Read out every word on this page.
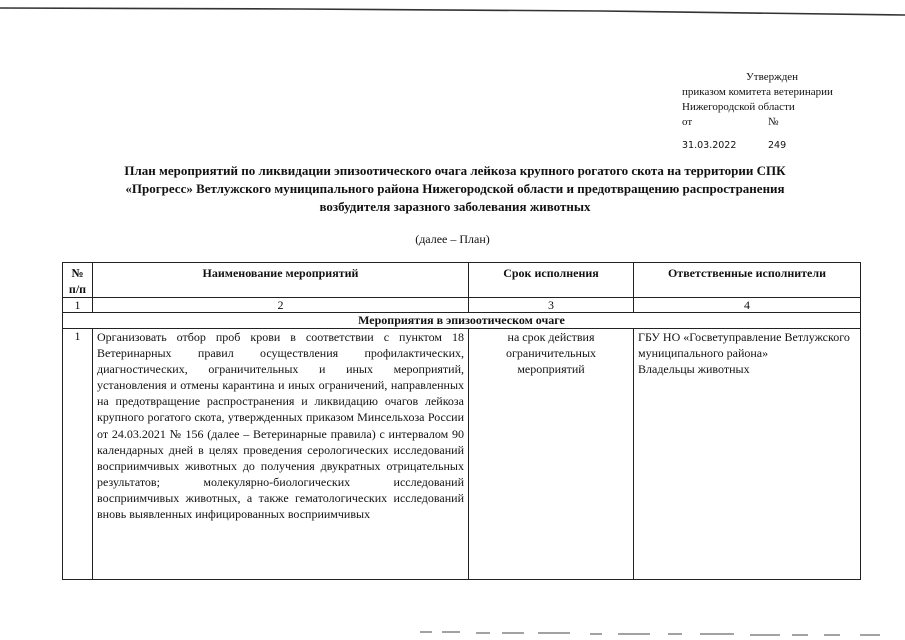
Утвержден
приказом комитета ветеринарии
Нижегородской области
от	№
31.03.2022	249
План мероприятий по ликвидации эпизоотического очага лейкоза крупного рогатого скота на территории СПК «Прогресс» Ветлужского муниципального района Нижегородской области и предотвращению распространения возбудителя заразного заболевания животных
(далее – План)
№ п/п	Наименование мероприятий	Срок исполнения	Ответственные исполнители
1	2	3	4
Мероприятия в эпизоотическом очаге			
1	Организовать отбор проб крови в соответствии с пунктом 18 Ветеринарных правил осуществления профилактических, диагностических, ограничительных и иных мероприятий, установления и отмены карантина и иных ограничений, направленных на предотвращение распространения и ликвидацию очагов лейкоза крупного рогатого скота, утвержденных приказом Минсельхоза России от 24.03.2021 № 156 (далее – Ветеринарные правила) с интервалом 90 календарных дней в целях проведения серологических исследований восприимчивых животных до получения двукратных отрицательных результатов; молекулярно-биологических исследований восприимчивых животных, а также гематологических исследований вновь выявленных инфицированных восприимчивых	на срок действия ограничительных мероприятий	ГБУ НО «Госветуправление Ветлужского муниципального района»
Владельцы животных
